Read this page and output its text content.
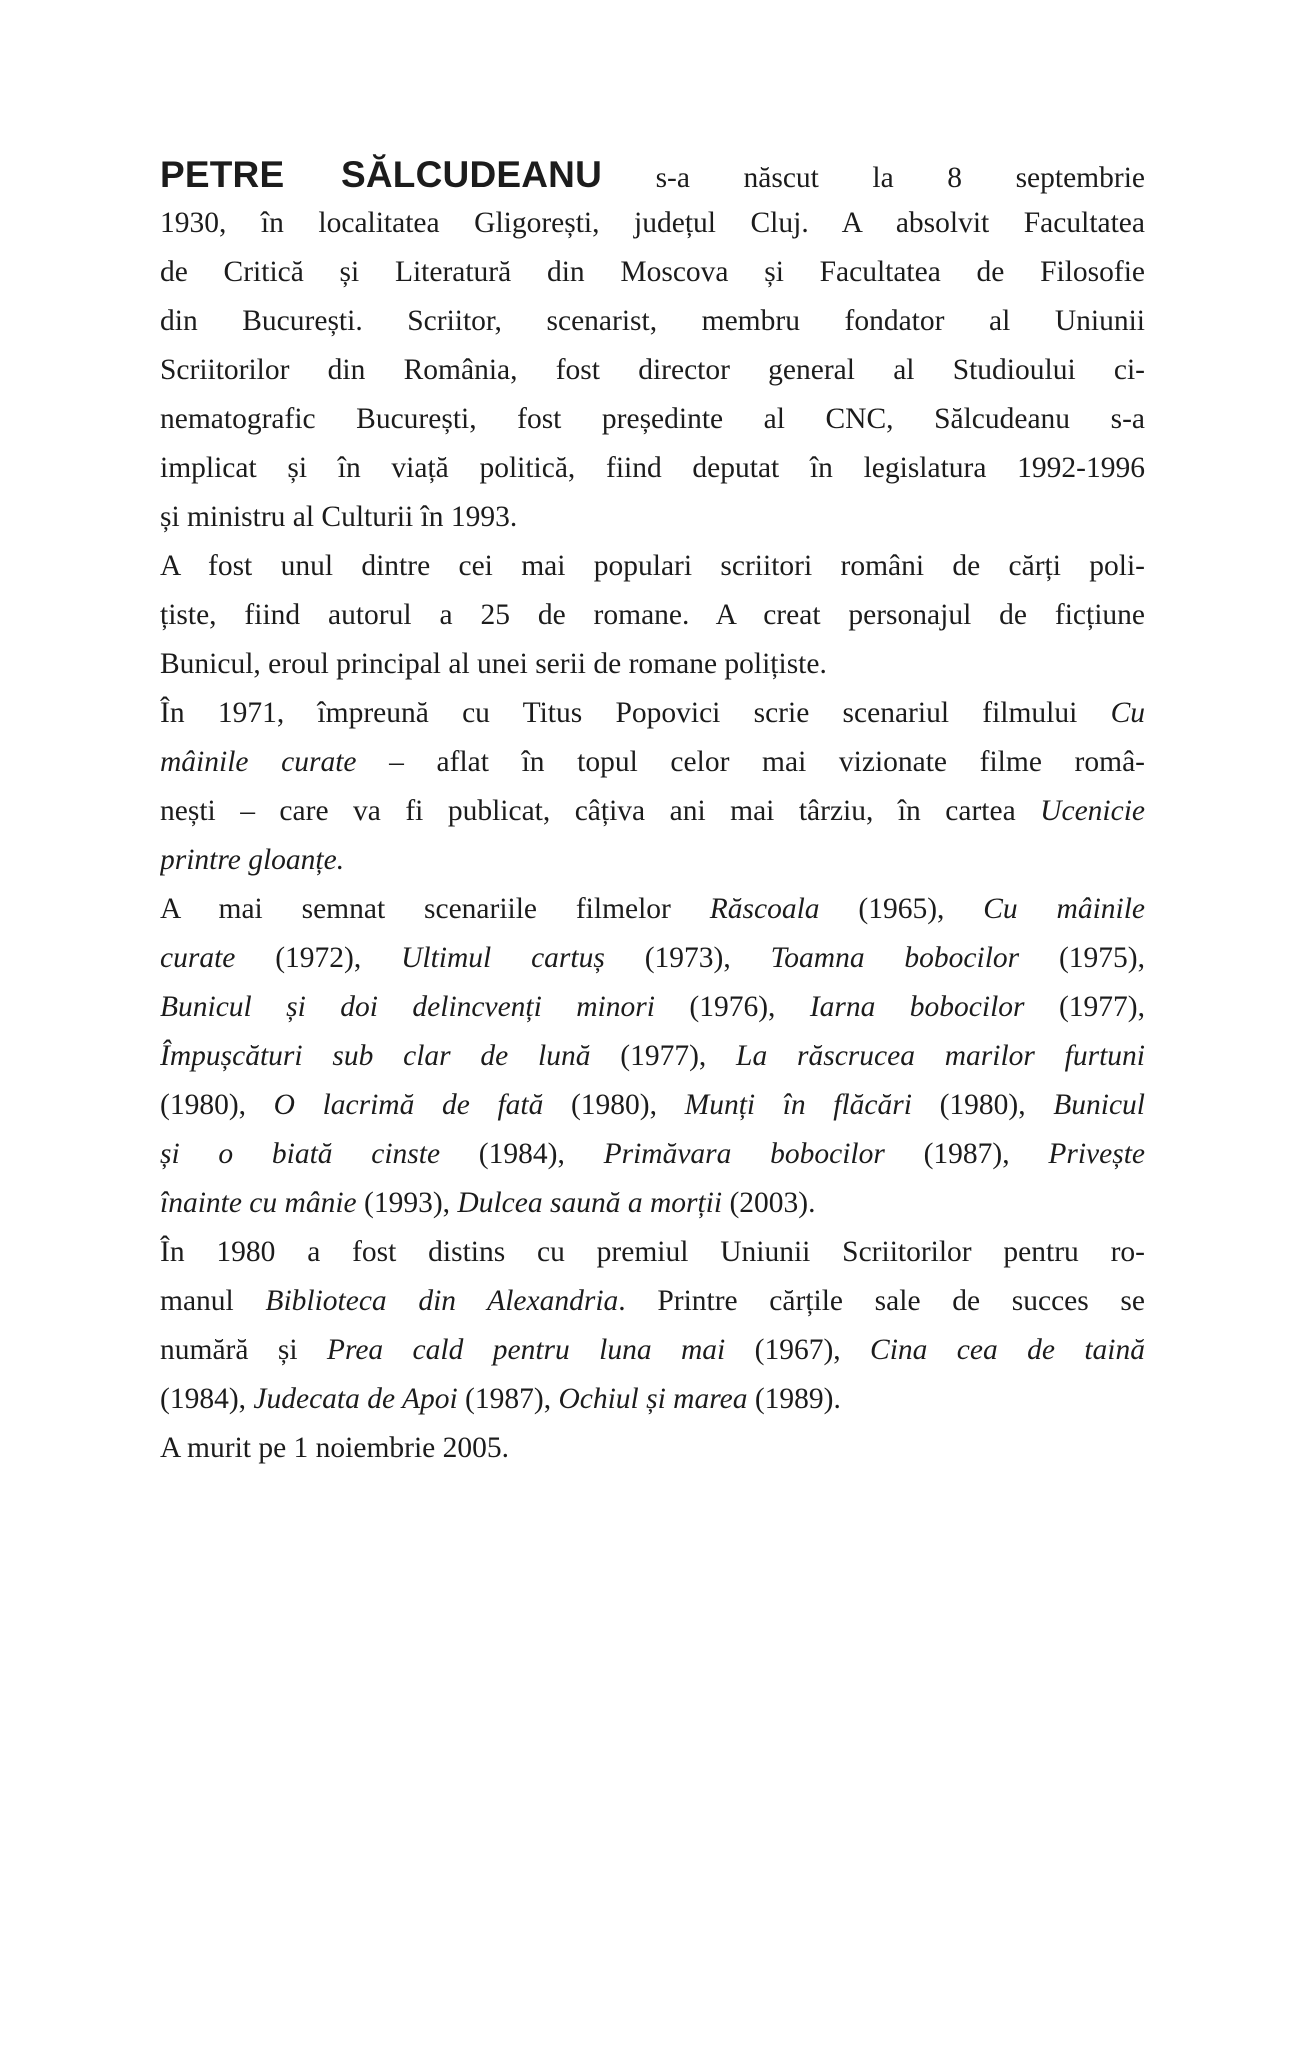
PETRE SĂLCUDEANU s-a născut la 8 septembrie
1930, în localitatea Gligorești, județul Cluj. A absolvit Facultatea
de Critică și Literatură din Moscova și Facultatea de Filosofie
din București. Scriitor, scenarist, membru fondator al Uniunii
Scriitorilor din România, fost director general al Studioului ci-
nematografic București, fost președinte al CNC, Sălcudeanu s-a
implicat și în viață politică, fiind deputat în legislatura 1992-1996
și ministru al Culturii în 1993.
A fost unul dintre cei mai populari scriitori români de cărți poli-
țiste, fiind autorul a 25 de romane. A creat personajul de ficțiune
Bunicul, eroul principal al unei serii de romane polițiste.
În 1971, împreună cu Titus Popovici scrie scenariul filmului Cu
mâinile curate – aflat în topul celor mai vizionate filme româ-
nești – care va fi publicat, câțiva ani mai târziu, în cartea Ucenicie
printre gloanțe.
A mai semnat scenariile filmelor Răscoala (1965), Cu mâinile
curate (1972), Ultimul cartuș (1973), Toamna bobocilor (1975),
Bunicul și doi delincvenți minori (1976), Iarna bobocilor (1977),
Împușcături sub clar de lună (1977), La răscrucea marilor furtuni
(1980), O lacrimă de fată (1980), Munți în flăcări (1980), Bunicul
și o biată cinste (1984), Primăvara bobocilor (1987), Privește
înainte cu mânie (1993), Dulcea saună a morții (2003).
În 1980 a fost distins cu premiul Uniunii Scriitorilor pentru ro-
manul Biblioteca din Alexandria. Printre cărțile sale de succes se
numără și Prea cald pentru luna mai (1967), Cina cea de taină
(1984), Judecata de Apoi (1987), Ochiul și marea (1989).
A murit pe 1 noiembrie 2005.
